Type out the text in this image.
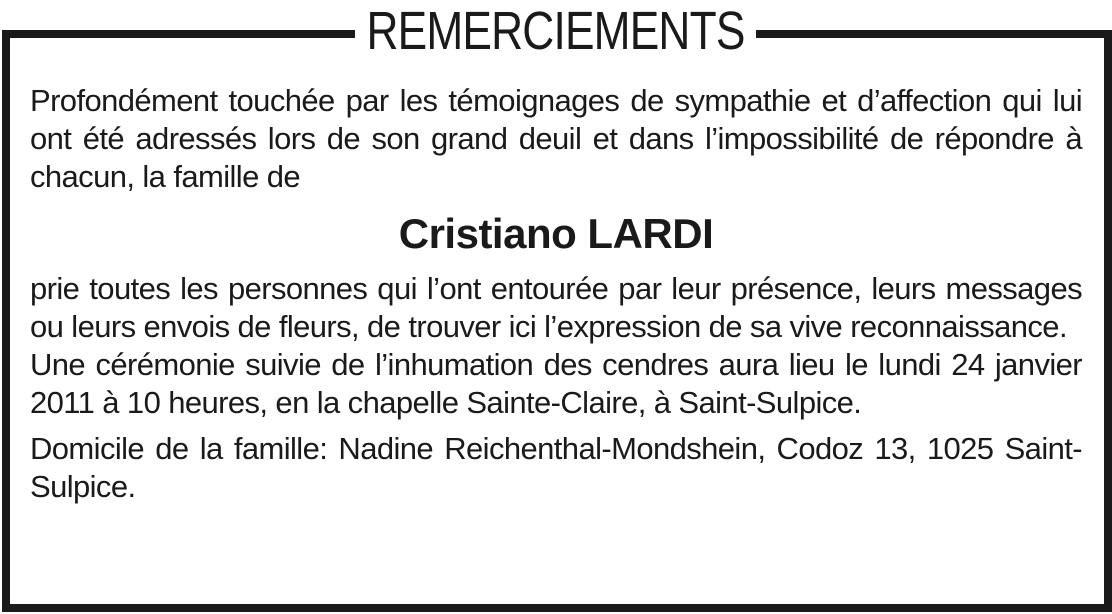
REMERCIEMENTS

Profondément touchée par les témoignages de sympathie et d’affection qui lui ont été adressés lors de son grand deuil et dans l’impossibilité de répondre à chacun, la famille de

Cristiano LARDI

prie toutes les personnes qui l’ont entourée par leur présence, leurs messages ou leurs envois de fleurs, de trouver ici l’expression de sa vive reconnaissance.

Une cérémonie suivie de l’inhumation des cendres aura lieu le lundi 24 janvier 2011 à 10 heures, en la chapelle Sainte-Claire, à Saint-Sulpice.

Domicile de la famille: Nadine Reichenthal-Mondshein, Codoz 13, 1025 Saint-Sulpice.
